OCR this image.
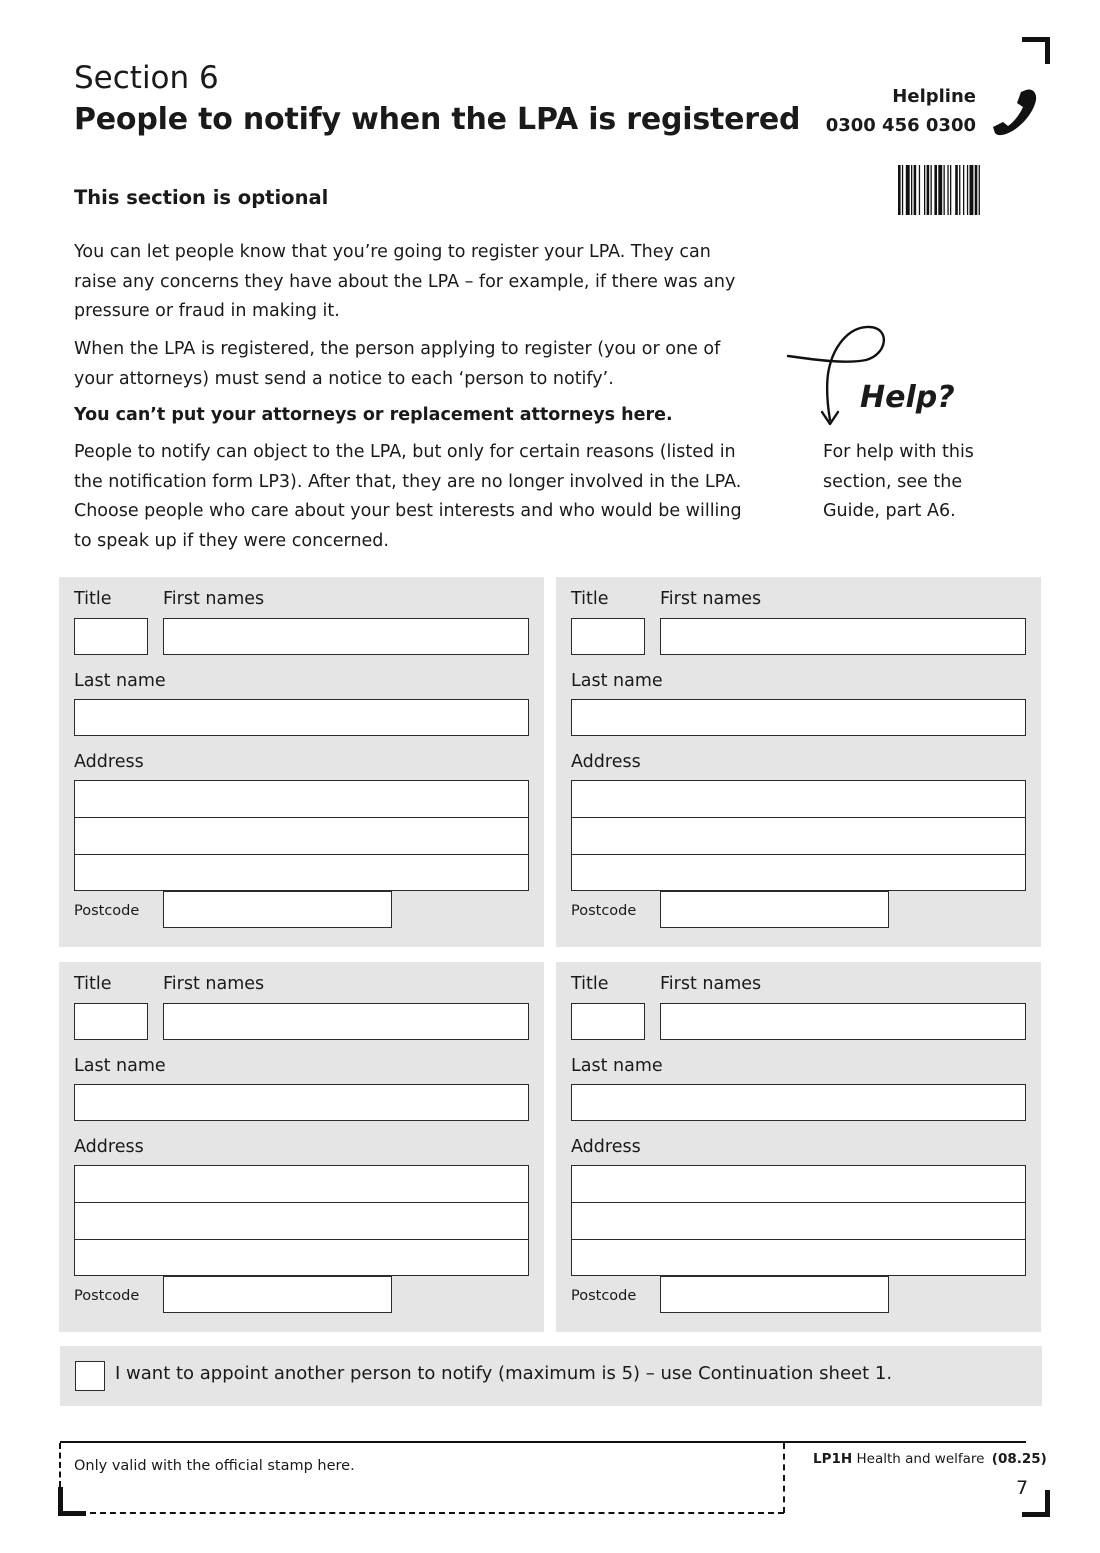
Section 6
People to notify when the LPA is registered
Helpline
0300 456 0300
This section is optional
You can let people know that you’re going to register your LPA. They can
raise any concerns they have about the LPA – for example, if there was any
pressure or fraud in making it.
When the LPA is registered, the person applying to register (you or one of
your attorneys) must send a notice to each ‘person to notify’.
You can’t put your attorneys or replacement attorneys here.
People to notify can object to the LPA, but only for certain reasons (listed in
the notification form LP3). After that, they are no longer involved in the LPA.
Choose people who care about your best interests and who would be willing
to speak up if they were concerned.
Help?
For help with this
section, see the
Guide, part A6.
Title	First names
Last name
Address
Postcode
Title	First names
Last name
Address
Postcode
Title	First names
Last name
Address
Postcode
Title	First names
Last name
Address
Postcode
I want to appoint another person to notify (maximum is 5) – use Continuation sheet 1.
Only valid with the official stamp here.	LP1H Health and welfare (08.25)
7
